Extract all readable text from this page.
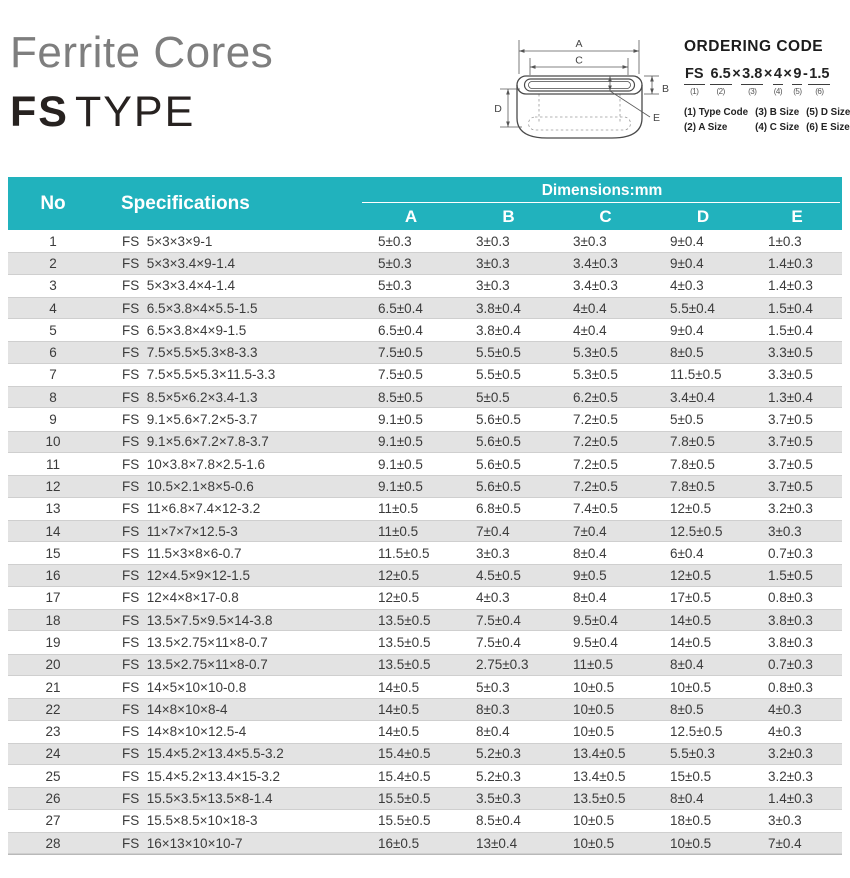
Ferrite Cores
FS TYPE
A
C
B
D
E
ORDERING CODE
FS
(1)
6.5
(2)
× 3.8
(3)
× 4
(4)
× 9
(5)
- 1.5
(6)
(1) Type Code
(2) A Size
(3) B Size
(4) C Size
(5) D Size
(6) E Size
No	Specifications
Dimensions:mm
A	B	C	D	E
1	FS  5×3×3×9-1	5±0.3	3±0.3	3±0.3	9±0.4	1±0.3
2	FS  5×3×3.4×9-1.4	5±0.3	3±0.3	3.4±0.3	9±0.4	1.4±0.3
3	FS  5×3×3.4×4-1.4	5±0.3	3±0.3	3.4±0.3	4±0.3	1.4±0.3
4	FS  6.5×3.8×4×5.5-1.5	6.5±0.4	3.8±0.4	4±0.4	5.5±0.4	1.5±0.4
5	FS  6.5×3.8×4×9-1.5	6.5±0.4	3.8±0.4	4±0.4	9±0.4	1.5±0.4
6	FS  7.5×5.5×5.3×8-3.3	7.5±0.5	5.5±0.5	5.3±0.5	8±0.5	3.3±0.5
7	FS  7.5×5.5×5.3×11.5-3.3	7.5±0.5	5.5±0.5	5.3±0.5	11.5±0.5	3.3±0.5
8	FS  8.5×5×6.2×3.4-1.3	8.5±0.5	5±0.5	6.2±0.5	3.4±0.4	1.3±0.4
9	FS  9.1×5.6×7.2×5-3.7	9.1±0.5	5.6±0.5	7.2±0.5	5±0.5	3.7±0.5
10	FS  9.1×5.6×7.2×7.8-3.7	9.1±0.5	5.6±0.5	7.2±0.5	7.8±0.5	3.7±0.5
11	FS  10×3.8×7.8×2.5-1.6	9.1±0.5	5.6±0.5	7.2±0.5	7.8±0.5	3.7±0.5
12	FS  10.5×2.1×8×5-0.6	9.1±0.5	5.6±0.5	7.2±0.5	7.8±0.5	3.7±0.5
13	FS  11×6.8×7.4×12-3.2	11±0.5	6.8±0.5	7.4±0.5	12±0.5	3.2±0.3
14	FS  11×7×7×12.5-3	11±0.5	7±0.4	7±0.4	12.5±0.5	3±0.3
15	FS  11.5×3×8×6-0.7	11.5±0.5	3±0.3	8±0.4	6±0.4	0.7±0.3
16	FS  12×4.5×9×12-1.5	12±0.5	4.5±0.5	9±0.5	12±0.5	1.5±0.5
17	FS  12×4×8×17-0.8	12±0.5	4±0.3	8±0.4	17±0.5	0.8±0.3
18	FS  13.5×7.5×9.5×14-3.8	13.5±0.5	7.5±0.4	9.5±0.4	14±0.5	3.8±0.3
19	FS  13.5×2.75×11×8-0.7	13.5±0.5	7.5±0.4	9.5±0.4	14±0.5	3.8±0.3
20	FS  13.5×2.75×11×8-0.7	13.5±0.5	2.75±0.3	11±0.5	8±0.4	0.7±0.3
21	FS  14×5×10×10-0.8	14±0.5	5±0.3	10±0.5	10±0.5	0.8±0.3
22	FS  14×8×10×8-4	14±0.5	8±0.3	10±0.5	8±0.5	4±0.3
23	FS  14×8×10×12.5-4	14±0.5	8±0.4	10±0.5	12.5±0.5	4±0.3
24	FS  15.4×5.2×13.4×5.5-3.2	15.4±0.5	5.2±0.3	13.4±0.5	5.5±0.3	3.2±0.3
25	FS  15.4×5.2×13.4×15-3.2	15.4±0.5	5.2±0.3	13.4±0.5	15±0.5	3.2±0.3
26	FS  15.5×3.5×13.5×8-1.4	15.5±0.5	3.5±0.3	13.5±0.5	8±0.4	1.4±0.3
27	FS  15.5×8.5×10×18-3	15.5±0.5	8.5±0.4	10±0.5	18±0.5	3±0.3
28	FS  16×13×10×10-7	16±0.5	13±0.4	10±0.5	10±0.5	7±0.4
